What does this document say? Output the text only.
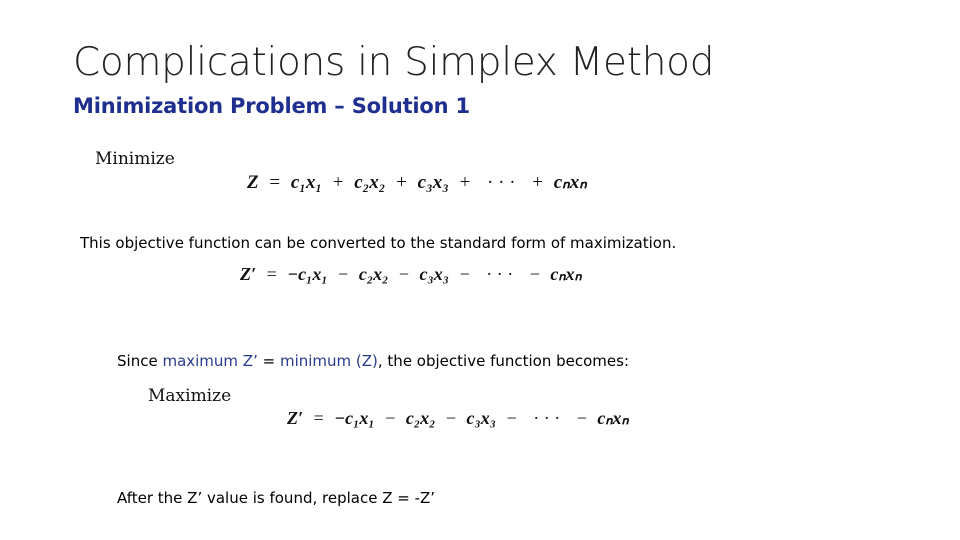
Complications in Simplex Method
Minimization Problem – Solution 1
Minimize
Z = c₁x₁ + c₂x₂ + c₃x₃ + · · · + cₙxₙ
This objective function can be converted to the standard form of maximization.
Z′ = −c₁x₁ − c₂x₂ − c₃x₃ − · · · − cₙxₙ
Since maximum Z’ = minimum (Z), the objective function becomes:
Maximize
Z′ = −c₁x₁ − c₂x₂ − c₃x₃ − · · · − cₙxₙ
After the Z’ value is found, replace Z = -Z’
